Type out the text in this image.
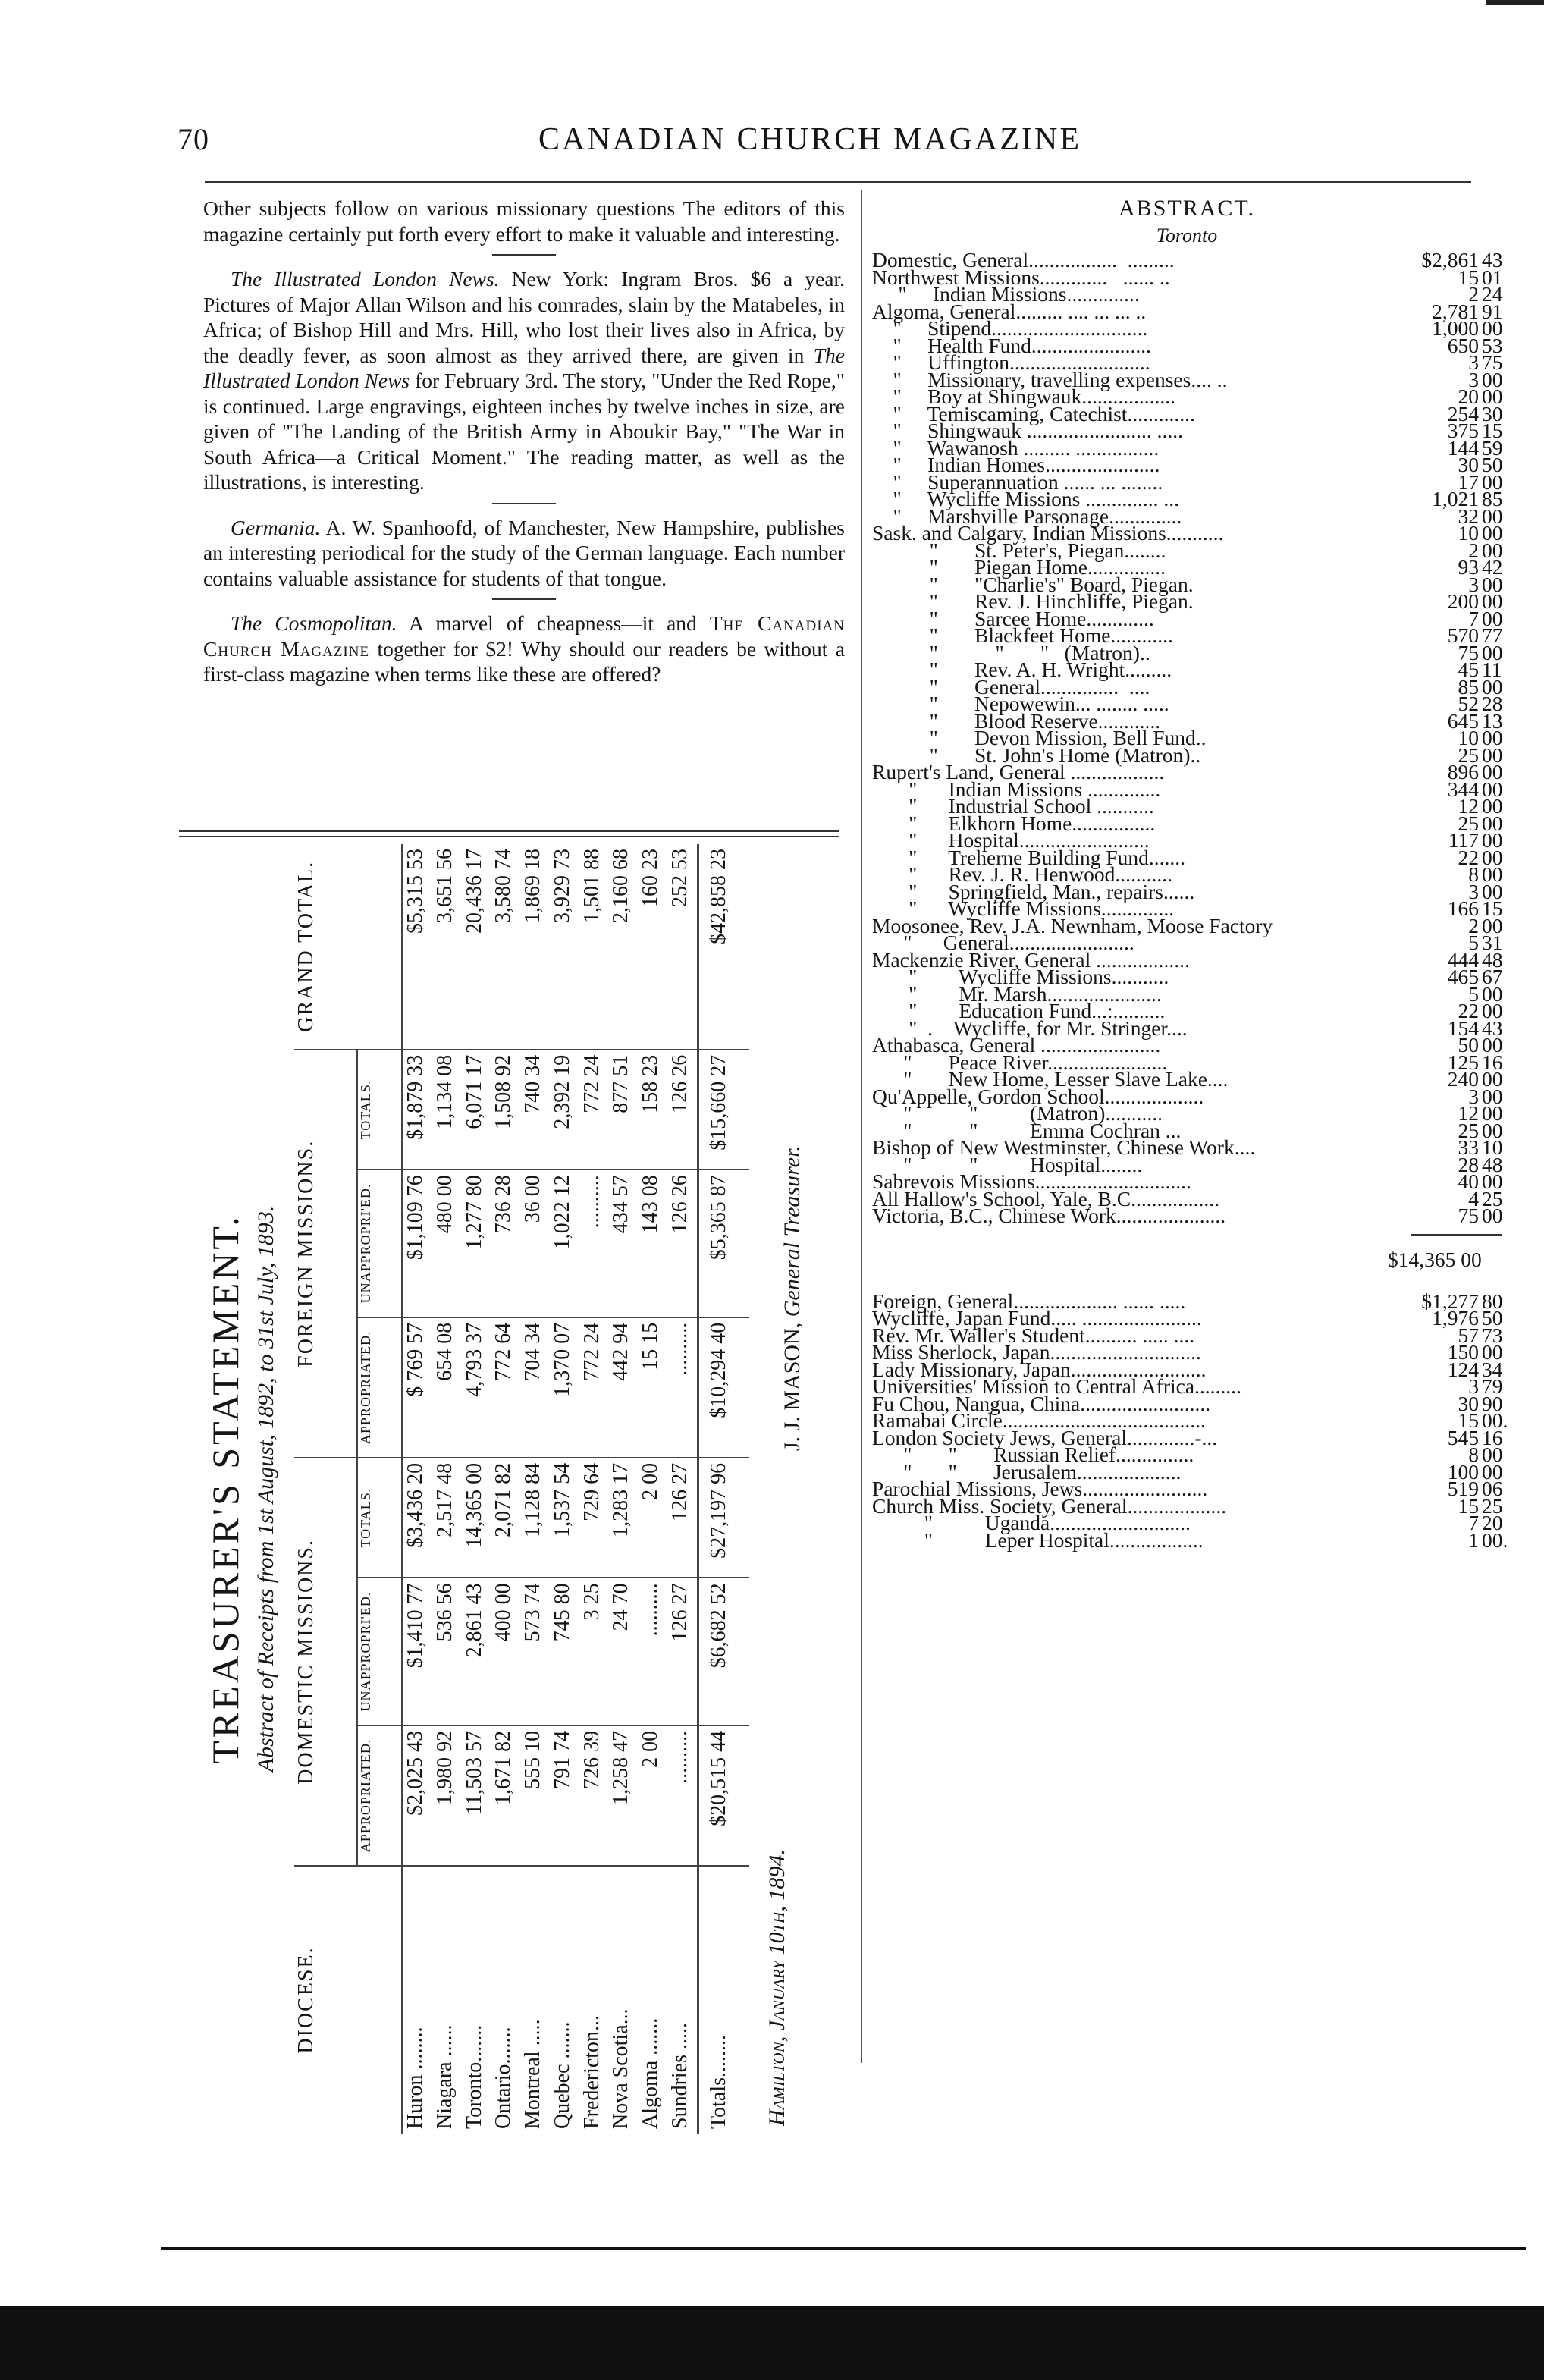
70	CANADIAN CHURCH MAGAZINE

Other subjects follow on various missionary questions The editors of this magazine certainly put forth every effort to make it valuable and interesting.

The Illustrated London News. New York: Ingram Bros. $6 a year. Pictures of Major Allan Wilson and his comrades, slain by the Matabeles, in Africa; of Bishop Hill and Mrs. Hill, who lost their lives also in Africa, by the deadly fever, as soon almost as they arrived there, are given in The Illustrated London News for February 3rd. The story, "Under the Red Rope," is continued. Large engravings, eighteen inches by twelve inches in size, are given of "The Landing of the British Army in Aboukir Bay," "The War in South Africa—a Critical Moment." The reading matter, as well as the illustrations, is interesting.

Germania. A. W. Spanhoofd, of Manchester, New Hampshire, publishes an interesting periodical for the study of the German language. Each number contains valuable assistance for students of that tongue.

The Cosmopolitan. A marvel of cheapness—it and The Canadian Church Magazine together for $2! Why should our readers be without a first-class magazine when terms like these are offered?

TREASURER'S STATEMENT. Abstract of Receipts from 1st August, 1892, to 31st July, 1893.
DIOCESE.	DOMESTIC MISSIONS.			FOREIGN MISSIONS.			GRAND TOTAL.
	APPROPRIATED.	UNAPPROPRI'ED.	TOTALS.	APPROPRIATED.	UNAPPROPRI'ED.	TOTALS.	
Huron ........	$2,025 43	$1,410 77	$3,436 20	$ 769 57	$1,109 76	$1,879 33	$5,315 53
Niagara ......	1,980 92	536 56	2,517 48	654 08	480 00	1,134 08	3,651 56
Toronto.......	11,503 57	2,861 43	14,365 00	4,793 37	1,277 80	6,071 17	20,436 17
Ontario.......	1,671 82	400 00	2,071 82	772 64	736 28	1,508 92	3,580 74
Montreal .....	555 10	573 74	1,128 84	704 34	36 00	740 34	1,869 18
Quebec .......	791 74	745 80	1,537 54	1,370 07	1,022 12	2,392 19	3,929 73
Fredericton...	726 39	3 25	729 64	772 24	..........	772 24	1,501 88
Nova Scotia...	1,258 47	24 70	1,283 17	442 94	434 57	877 51	2,160 68
Algoma .......	2 00	..........	2 00	15 15	143 08	158 23	160 23
Sundries .....	..........	126 27	126 27	..........	126 26	126 26	252 53
Totals........	$20,515 44	$6,682 52	$27,197 96	$10,294 40	$5,365 87	$15,660 27	$42,858 23
Hamilton, January 10th, 1894.
J. J. MASON, General Treasurer.
ABSTRACT.
Toronto
Domestic, General.................  .........	$2,861 43
Northwest Missions.............   ...... ..	15 01
"     Indian Missions..............	2 24
Algoma, General......... .... ... ... ..	2,781 91
"     Stipend..............................	1,000 00
"     Health Fund.......................	650 53
"     Uffington...........................	3 75
"     Missionary, travelling expenses.... ..	3 00
"     Boy at Shingwauk..................	20 00
"     Temiscaming, Catechist.............	254 30
"     Shingwauk ........................ .....	375 15
"     Wawanosh ......... ................	144 59
"     Indian Homes......................	30 50
"     Superannuation ...... ... ........	17 00
"     Wycliffe Missions .............. ...	1,021 85
"     Marshville Parsonage..............	32 00
Sask. and Calgary, Indian Missions...........	10 00
"       St. Peter's, Piegan........	2 00
"       Piegan Home...............	93 42
"       "Charlie's" Board, Piegan.	3 00
"       Rev. J. Hinchliffe, Piegan.	200 00
"       Sarcee Home.............	7 00
"       Blackfeet Home............	570 77
"           "       "   (Matron)..	75 00
"       Rev. A. H. Wright.........	45 11
"       General...............  ....	85 00
"       Nepowewin... ........ .....	52 28
"       Blood Reserve............	645 13
"       Devon Mission, Bell Fund..	10 00
"       St. John's Home (Matron)..	25 00
Rupert's Land, General ..................	896 00
"      Indian Missions ..............	344 00
"      Industrial School ...........	12 00
"      Elkhorn Home................	25 00
"      Hospital.........................	117 00
"      Treherne Building Fund.......	22 00
"      Rev. J. R. Henwood...........	8 00
"      Springfield, Man., repairs......	3 00
"      Wycliffe Missions..............	166 15
Moosonee, Rev. J.A. Newnham, Moose Factory	2 00
"      General........................	5 31
Mackenzie River, General ..................	444 48
"        Wycliffe Missions...........	465 67
"        Mr. Marsh......................	5 00
"        Education Fund...:..........	22 00
"  .    Wycliffe, for Mr. Stringer....	154 43
Athabasca, General .......................	50 00
"       Peace River.......................	125 16
"       New Home, Lesser Slave Lake....	240 00
Qu'Appelle, Gordon School...................	3 00
"           "          (Matron)...........	12 00
"           "          Emma Cochran ...	25 00
Bishop of New Westminster, Chinese Work....	33 10
"           "          Hospital........	28 48
Sabrevois Missions..............................	40 00
All Hallow's School, Yale, B.C.................	4 25
Victoria, B.C., Chinese Work.....................	75 00
$14,365 00
Foreign, General.................... ...... .....	$1,277 80
Wycliffe, Japan Fund..... .......................	1,976 50
Rev. Mr. Waller's Student.......... ..... ....	57 73
Miss Sherlock, Japan.............................	150 00
Lady Missionary, Japan..........................	124 34
Universities' Mission to Central Africa.........	3 79
Fu Chou, Nangua, China.........................	30 90
Ramabai Circle.......................................	15 00.
London Society Jews, General.............-...	545 16
"       "       Russian Relief...............	8 00
"       "       Jerusalem....................	100 00
Parochial Missions, Jews........................	519 06
Church Miss. Society, General...................	15 25
"          Uganda...........................	7 20
"          Leper Hospital..................	1 00.
